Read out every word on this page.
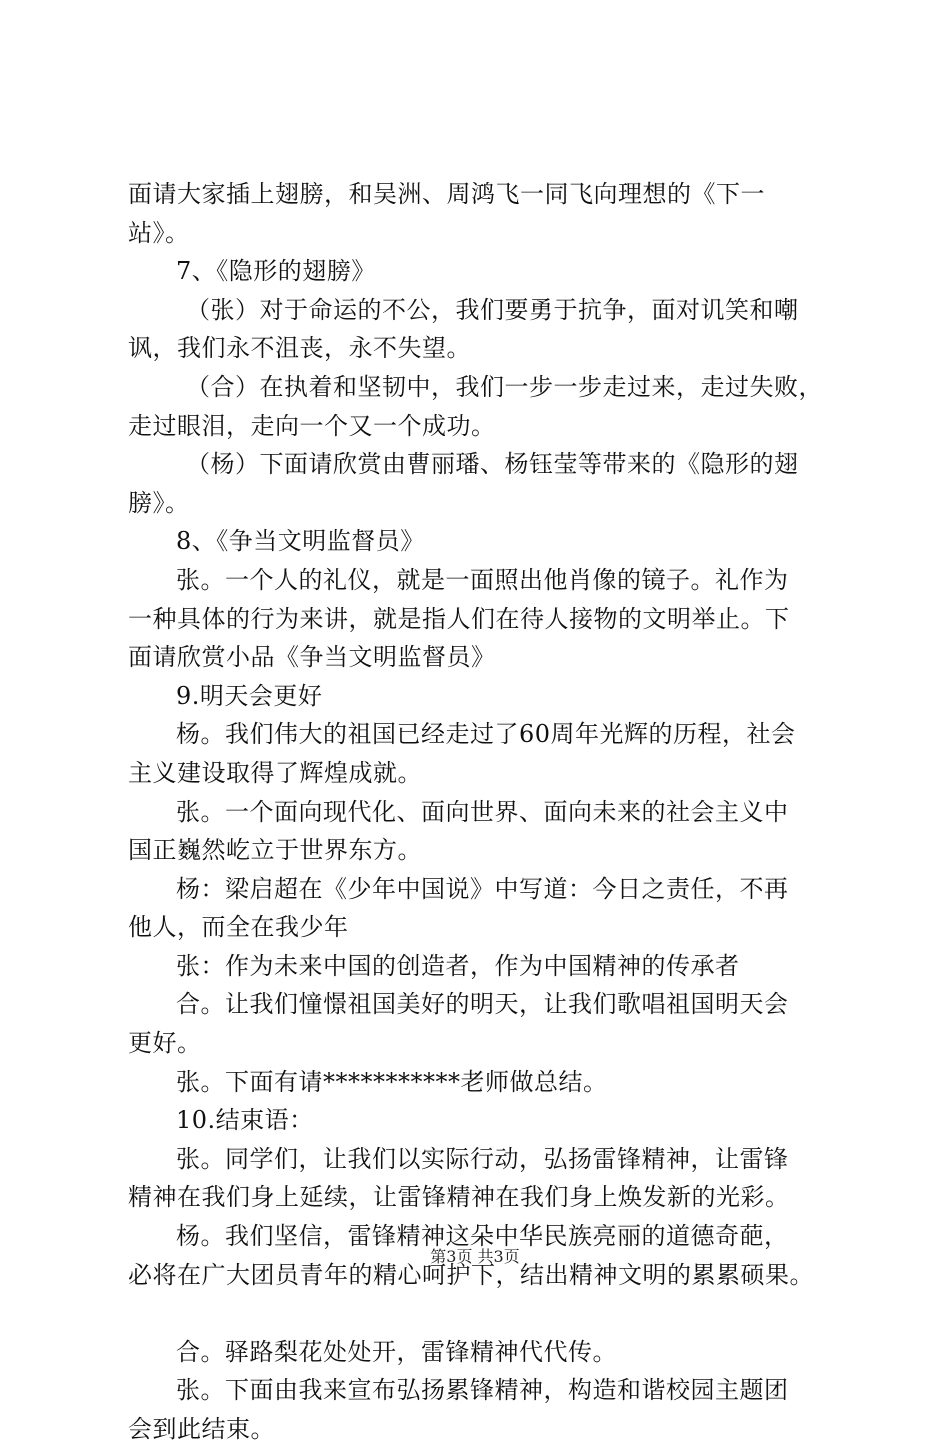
面请大家插上翅膀，和吴洲、周鸿飞一同飞向理想的《下一
站》。
7、《隐形的翅膀》
（张）对于命运的不公，我们要勇于抗争，面对讥笑和嘲
讽，我们永不沮丧，永不失望。
（合）在执着和坚韧中，我们一步一步走过来，走过失败，
走过眼泪，走向一个又一个成功。
（杨）下面请欣赏由曹丽璠、杨钰莹等带来的《隐形的翅
膀》。
8、《争当文明监督员》
张。一个人的礼仪，就是一面照出他肖像的镜子。礼作为
一种具体的行为来讲，就是指人们在待人接物的文明举止。下
面请欣赏小品《争当文明监督员》
9.明天会更好
杨。我们伟大的祖国已经走过了60周年光辉的历程，社会
主义建设取得了辉煌成就。
张。一个面向现代化、面向世界、面向未来的社会主义中
国正巍然屹立于世界东方。
杨：梁启超在《少年中国说》中写道：今日之责任，不再
他人，而全在我少年
张：作为未来中国的创造者，作为中国精神的传承者
合。让我们憧憬祖国美好的明天，让我们歌唱祖国明天会
更好。
张。下面有请***********老师做总结。
10.结束语：
张。同学们，让我们以实际行动，弘扬雷锋精神，让雷锋
精神在我们身上延续，让雷锋精神在我们身上焕发新的光彩。
杨。我们坚信，雷锋精神这朵中华民族亮丽的道德奇葩，
必将在广大团员青年的精心呵护下，结出精神文明的累累硕果。
合。驿路梨花处处开，雷锋精神代代传。
张。下面由我来宣布弘扬累锋精神，构造和谐校园主题团
会到此结束。
第3页 共3页
